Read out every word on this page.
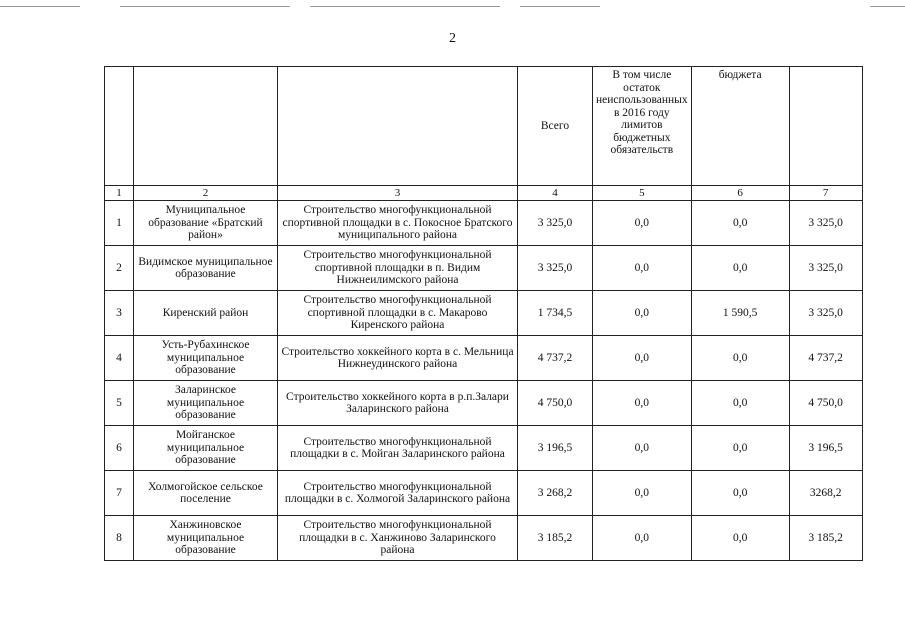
2
			Всего	В том числе остаток неиспользованных в 2016 году лимитов бюджетных обязательств	бюджета	
1	2	3	4	5	6	7
1	Муниципальное образование «Братский район»	Строительство многофункциональной спортивной площадки в с. Покосное Братского муниципального района	3 325,0	0,0	0,0	3 325,0
2	Видимское муниципальное образование	Строительство многофункциональной спортивной площадки в п. Видим Нижнеилимского района	3 325,0	0,0	0,0	3 325,0
3	Киренский район	Строительство многофункциональной спортивной площадки в с. Макарово Киренского района	1 734,5	0,0	1 590,5	3 325,0
4	Усть-Рубахинское муниципальное образование	Строительство хоккейного корта в с. Мельница Нижнеудинского района	4 737,2	0,0	0,0	4 737,2
5	Заларинское муниципальное образование	Строительство хоккейного корта в р.п.Залари Заларинского района	4 750,0	0,0	0,0	4 750,0
6	Мойганское муниципальное образование	Строительство многофункциональной площадки в с. Мойган Заларинского района	3 196,5	0,0	0,0	3 196,5
7	Холмогойское сельское поселение	Строительство многофункциональной площадки в с. Холмогой Заларинского района	3 268,2	0,0	0,0	3268,2
8	Ханжиновское муниципальное образование	Строительство многофункциональной площадки в с. Ханжиново Заларинского района	3 185,2	0,0	0,0	3 185,2
